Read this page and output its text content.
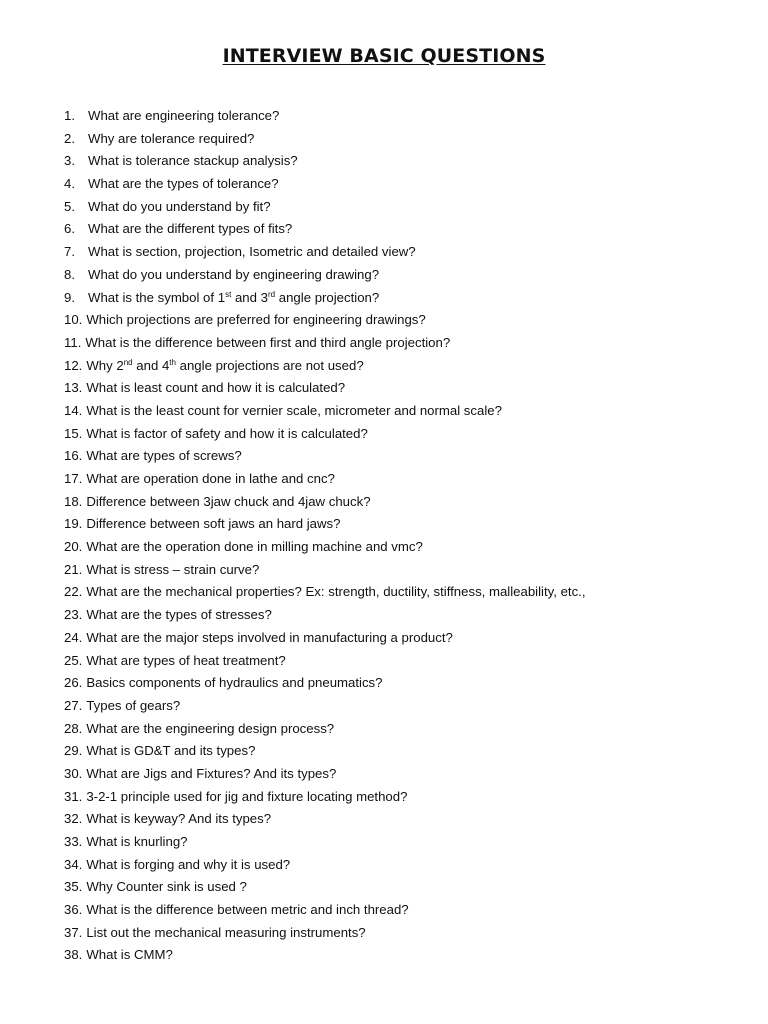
INTERVIEW BASIC QUESTIONS
1. What are engineering tolerance?
2. Why are tolerance required?
3. What is tolerance stackup analysis?
4. What are the types of tolerance?
5. What do you understand by fit?
6. What are the different types of fits?
7. What is section, projection, Isometric and detailed view?
8. What do you understand by engineering drawing?
9. What is the symbol of 1st and 3rd angle projection?
10. Which projections are preferred for engineering drawings?
11. What is the difference between first and third angle projection?
12. Why 2nd and 4th angle projections are not used?
13. What is least count and how it is calculated?
14. What is the least count for vernier scale, micrometer and normal scale?
15. What is factor of safety and how it is calculated?
16. What are types of screws?
17. What are operation done in lathe and cnc?
18. Difference between 3jaw chuck and 4jaw chuck?
19. Difference between soft jaws an hard jaws?
20. What are the operation done in milling machine and vmc?
21. What is stress – strain curve?
22. What are the mechanical properties? Ex: strength, ductility, stiffness, malleability, etc.,
23. What are the types of stresses?
24. What are the major steps involved in manufacturing a product?
25. What are types of heat treatment?
26. Basics components of hydraulics and pneumatics?
27. Types of gears?
28. What are the engineering design process?
29. What is GD&T and its types?
30. What are Jigs and Fixtures? And its types?
31. 3-2-1 principle used for jig and fixture locating method?
32. What is keyway? And its types?
33. What is knurling?
34. What is forging and why it is used?
35. Why Counter sink is used ?
36. What is the difference between metric and inch thread?
37. List out the mechanical measuring instruments?
38. What is CMM?
